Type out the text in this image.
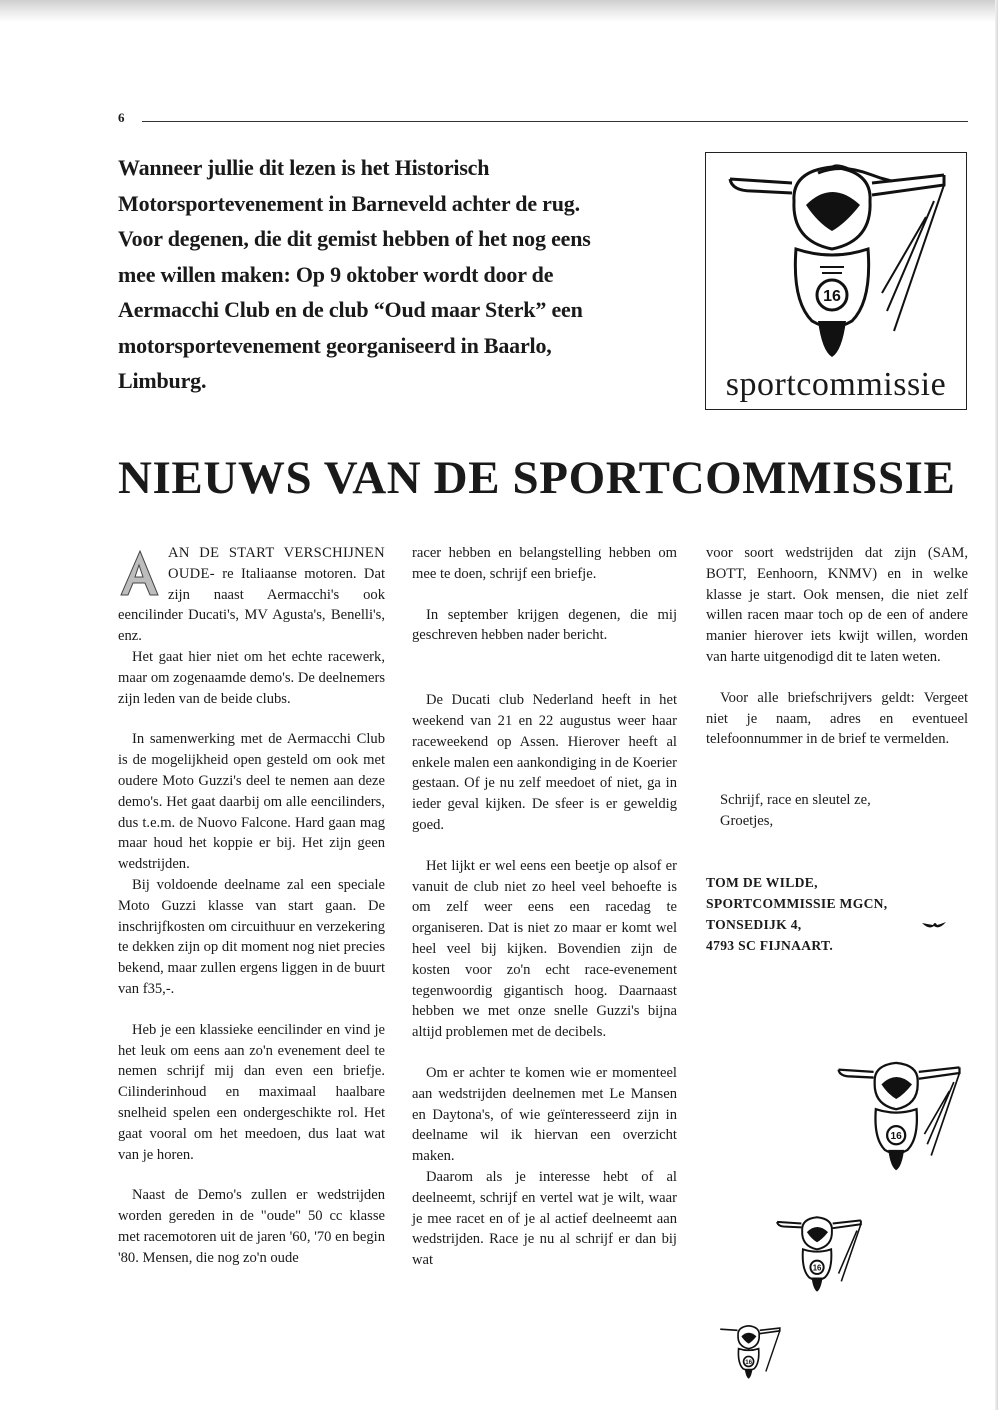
6
Wanneer jullie dit lezen is het Historisch
Motorsportevenement in Barneveld achter de rug.
Voor degenen, die dit gemist hebben of het nog eens
mee willen maken: Op 9 oktober wordt door de
Aermacchi Club en de club “Oud maar Sterk” een
motorsportevenement georganiseerd in Baarlo,
Limburg.
16
sportcommissie
NIEUWS VAN DE SPORTCOMMISSIE

A
AN DE START VERSCHIJNEN OUDE- re Italiaanse motoren. Dat zijn naast Aermacchi's ook eencilinder Ducati's, MV Agusta's, Benelli's, enz.

Het gaat hier niet om het echte racewerk, maar om zogenaamde demo's. De deelnemers zijn leden van de beide clubs.

In samenwerking met de Aermacchi Club is de mogelijkheid open gesteld om ook met oudere Moto Guzzi's deel te nemen aan deze demo's. Het gaat daarbij om alle eencilinders, dus t.e.m. de Nuovo Falcone. Hard gaan mag maar houd het koppie er bij. Het zijn geen wedstrijden.

Bij voldoende deelname zal een speciale Moto Guzzi klasse van start gaan. De inschrijfkosten om circuithuur en verzekering te dekken zijn op dit moment nog niet precies bekend, maar zullen ergens liggen in de buurt van f35,-.

Heb je een klassieke eencilinder en vind je het leuk om eens aan zo'n evenement deel te nemen schrijf mij dan even een briefje. Cilinderinhoud en maximaal haalbare snelheid spelen een ondergeschikte rol. Het gaat vooral om het meedoen, dus laat wat van je horen.

Naast de Demo's zullen er wedstrijden worden gereden in de "oude" 50 cc klasse met racemotoren uit de jaren '60, '70 en begin '80. Mensen, die nog zo'n oude

racer hebben en belangstelling hebben om mee te doen, schrijf een briefje.

In september krijgen degenen, die mij geschreven hebben nader bericht.

De Ducati club Nederland heeft in het weekend van 21 en 22 augustus weer haar raceweekend op Assen. Hierover heeft al enkele malen een aankondiging in de Koerier gestaan. Of je nu zelf meedoet of niet, ga in ieder geval kijken. De sfeer is er geweldig goed.

Het lijkt er wel eens een beetje op alsof er vanuit de club niet zo heel veel behoefte is om zelf weer eens een racedag te organiseren. Dat is niet zo maar er komt wel heel veel bij kijken. Bovendien zijn de kosten voor zo'n echt race-evenement tegenwoordig gigantisch hoog. Daarnaast hebben we met onze snelle Guzzi's bijna altijd problemen met de decibels.

Om er achter te komen wie er momenteel aan wedstrijden deelnemen met Le Mansen en Daytona's, of wie geïnteresseerd zijn in deelname wil ik hiervan een overzicht maken.

Daarom als je interesse hebt of al deelneemt, schrijf en vertel wat je wilt, waar je mee racet en of je al actief deelneemt aan wedstrijden. Race je nu al schrijf er dan bij wat

voor soort wedstrijden dat zijn (SAM, BOTT, Eenhoorn, KNMV) en in welke klasse je start. Ook mensen, die niet zelf willen racen maar toch op de een of andere manier hierover iets kwijt willen, worden van harte uitgenodigd dit te laten weten.

Voor alle briefschrijvers geldt: Vergeet niet je naam, adres en eventueel telefoonnummer in de brief te vermelden.

Schrijf, race en sleutel ze,

Groetjes,

TOM DE WILDE,
SPORTCOMMISSIE MGCN,
TONSEDIJK 4,
4793 SC FIJNAART.

16
16
16
